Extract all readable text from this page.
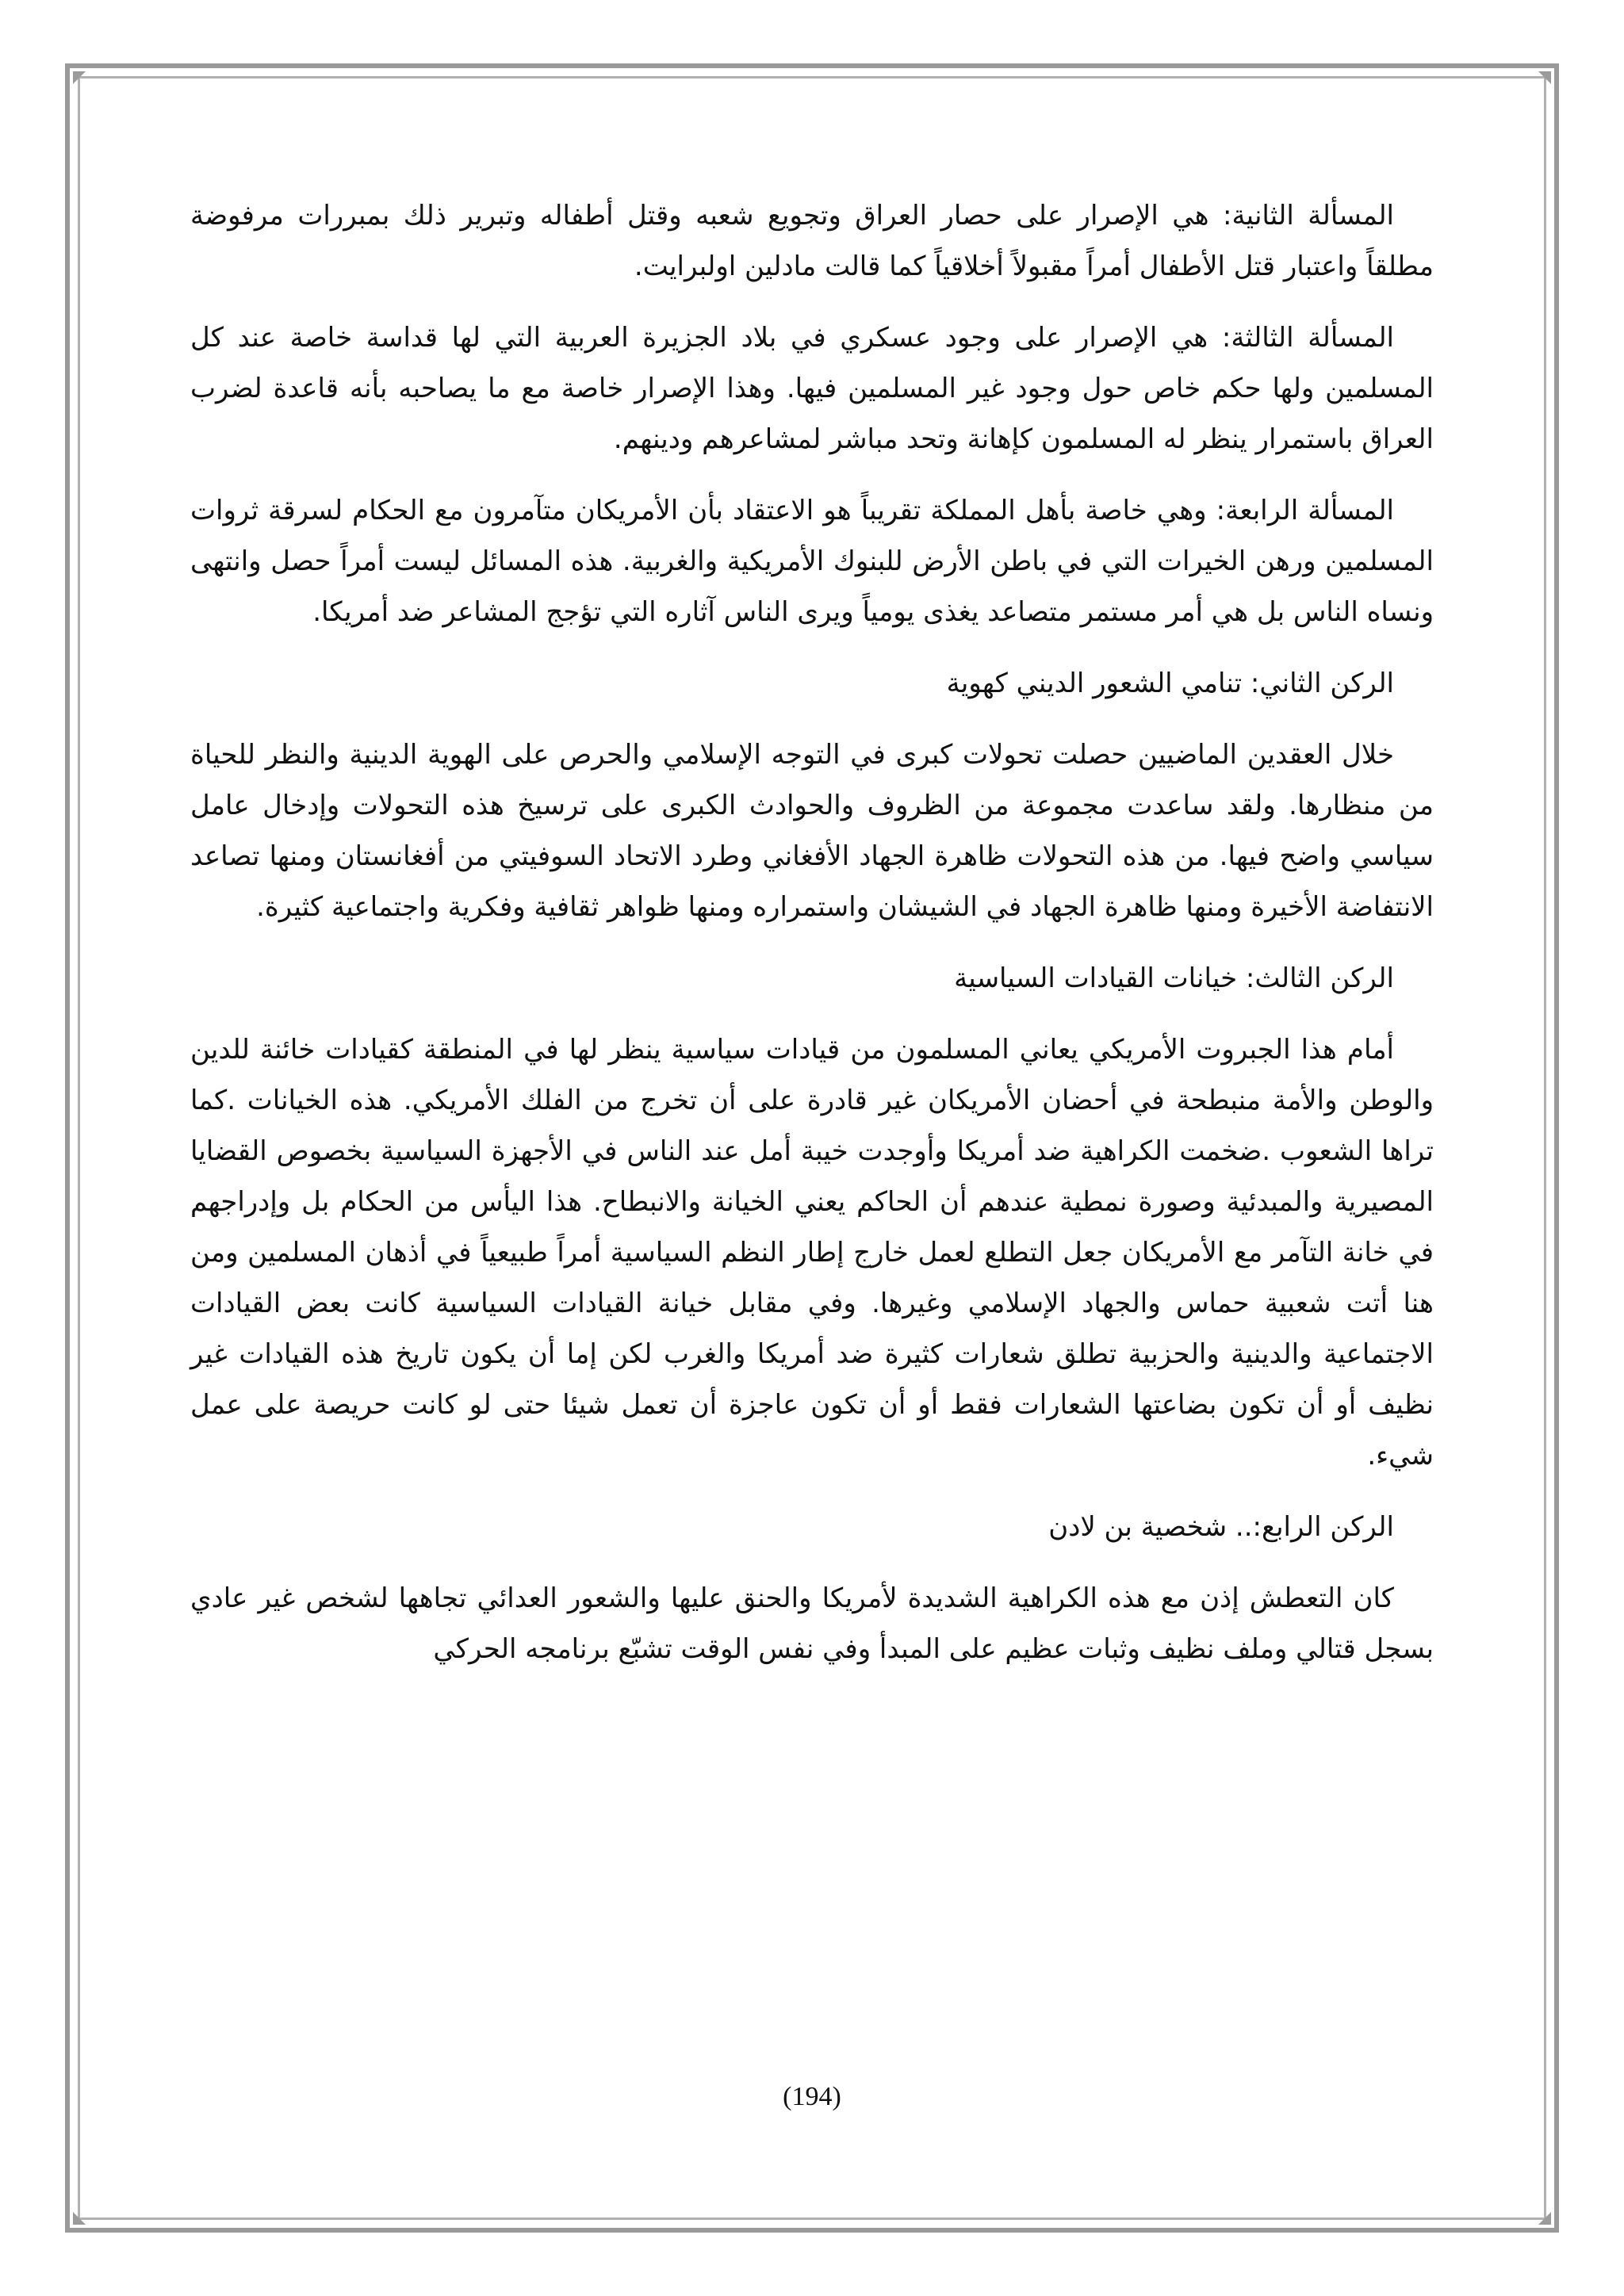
المسألة الثانية: هي الإصرار على حصار العراق وتجويع شعبه وقتل أطفاله وتبرير ذلك بمبررات مرفوضة مطلقاً واعتبار قتل الأطفال أمراً مقبولاً أخلاقياً كما قالت مادلين اولبرايت.

المسألة الثالثة: هي الإصرار على وجود عسكري في بلاد الجزيرة العربية التي لها قداسة خاصة عند كل المسلمين ولها حكم خاص حول وجود غير المسلمين فيها. وهذا الإصرار خاصة مع ما يصاحبه بأنه قاعدة لضرب العراق باستمرار ينظر له المسلمون كإهانة وتحد مباشر لمشاعرهم ودينهم.

المسألة الرابعة: وهي خاصة بأهل المملكة تقريباً هو الاعتقاد بأن الأمريكان متآمرون مع الحكام لسرقة ثروات المسلمين ورهن الخيرات التي في باطن الأرض للبنوك الأمريكية والغربية. هذه المسائل ليست أمراً حصل وانتهى ونساه الناس بل هي أمر مستمر متصاعد يغذى يومياً ويرى الناس آثاره التي تؤجج المشاعر ضد أمريكا.

الركن الثاني: تنامي الشعور الديني كهوية

خلال العقدين الماضيين حصلت تحولات كبرى في التوجه الإسلامي والحرص على الهوية الدينية والنظر للحياة من منظارها. ولقد ساعدت مجموعة من الظروف والحوادث الكبرى على ترسيخ هذه التحولات وإدخال عامل سياسي واضح فيها. من هذه التحولات ظاهرة الجهاد الأفغاني وطرد الاتحاد السوفيتي من أفغانستان ومنها تصاعد الانتفاضة الأخيرة ومنها ظاهرة الجهاد في الشيشان واستمراره ومنها ظواهر ثقافية وفكرية واجتماعية كثيرة.

الركن الثالث: خيانات القيادات السياسية

أمام هذا الجبروت الأمريكي يعاني المسلمون من قيادات سياسية ينظر لها في المنطقة كقيادات خائنة للدين والوطن والأمة منبطحة في أحضان الأمريكان غير قادرة على أن تخرج من الفلك الأمريكي. هذه الخيانات .كما تراها الشعوب .ضخمت الكراهية ضد أمريكا وأوجدت خيبة أمل عند الناس في الأجهزة السياسية بخصوص القضايا المصيرية والمبدئية وصورة نمطية عندهم أن الحاكم يعني الخيانة والانبطاح. هذا اليأس من الحكام بل وإدراجهم في خانة التآمر مع الأمريكان جعل التطلع لعمل خارج إطار النظم السياسية أمراً طبيعياً في أذهان المسلمين ومن هنا أتت شعبية حماس والجهاد الإسلامي وغيرها. وفي مقابل خيانة القيادات السياسية كانت بعض القيادات الاجتماعية والدينية والحزبية تطلق شعارات كثيرة ضد أمريكا والغرب لكن إما أن يكون تاريخ هذه القيادات غير نظيف أو أن تكون بضاعتها الشعارات فقط أو أن تكون عاجزة أن تعمل شيئا حتى لو كانت حريصة على عمل شيء.

الركن الرابع:.. شخصية بن لادن

كان التعطش إذن مع هذه الكراهية الشديدة لأمريكا والحنق عليها والشعور العدائي تجاهها لشخص غير عادي بسجل قتالي وملف نظيف وثبات عظيم على المبدأ وفي نفس الوقت تشبّع برنامجه الحركي

(194)
